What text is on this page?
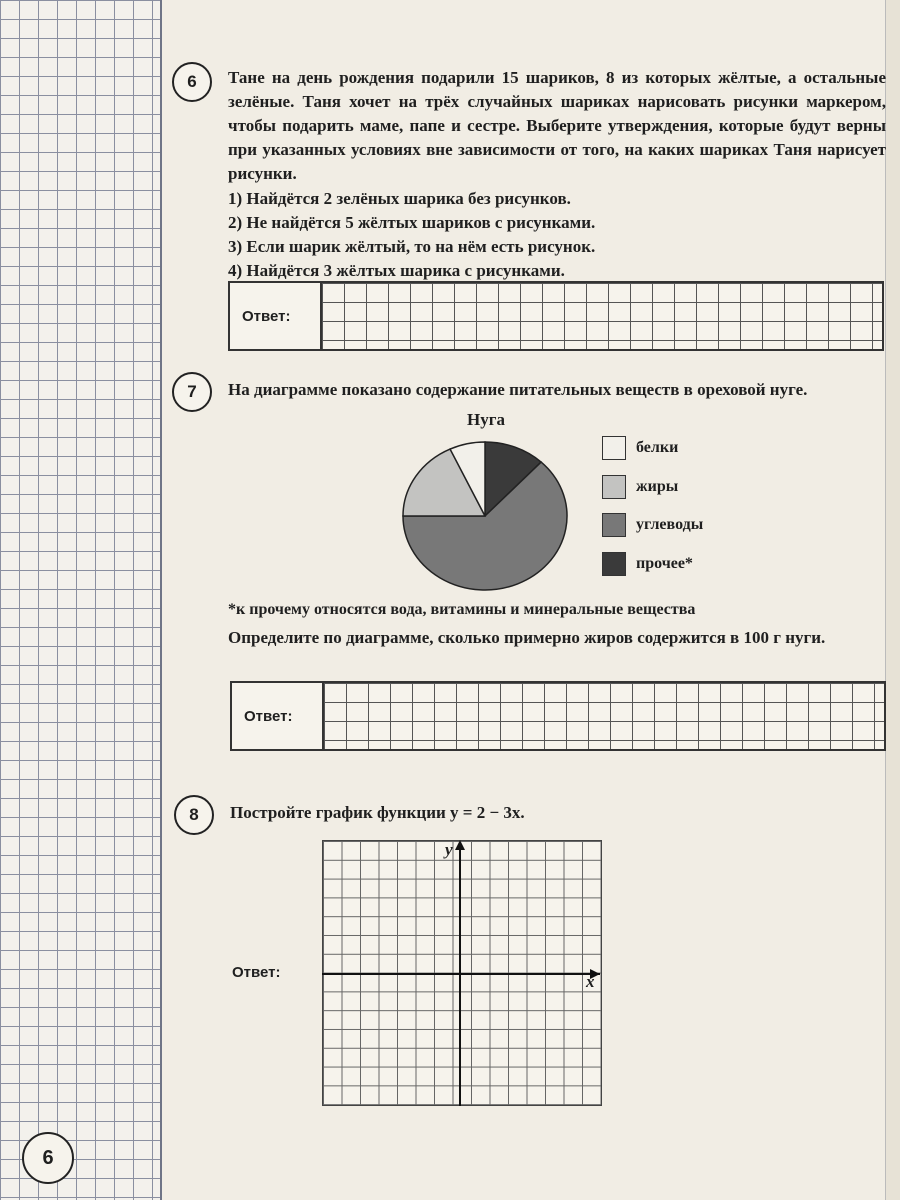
6 Тане на день рождения подарили 15 шариков, 8 из которых жёлтые, а остальные зелёные. Таня хочет на трёх случайных шариках нарисовать рисунки маркером, чтобы подарить маме, папе и сестре. Выберите утверждения, которые будут верны при указанных условиях вне зависимости от того, на каких шариках Таня нарисует рисунки.

1) Найдётся 2 зелёных шарика без рисунков.

2) Не найдётся 5 жёлтых шариков с рисунками.

3) Если шарик жёлтый, то на нём есть рисунок.

4) Найдётся 3 жёлтых шарика с рисунками.

Ответ:
7 На диаграмме показано содержание питательных веществ в ореховой нуге.

Нуга
белки
жиры
углеводы
прочее*

*к прочему относятся вода, витамины и минеральные вещества

Определите по диаграмме, сколько примерно жиров содержится в 100 г нуги.

Ответ:
8 Постройте график функции y = 2 − 3x.

Ответ:
y
x
6
